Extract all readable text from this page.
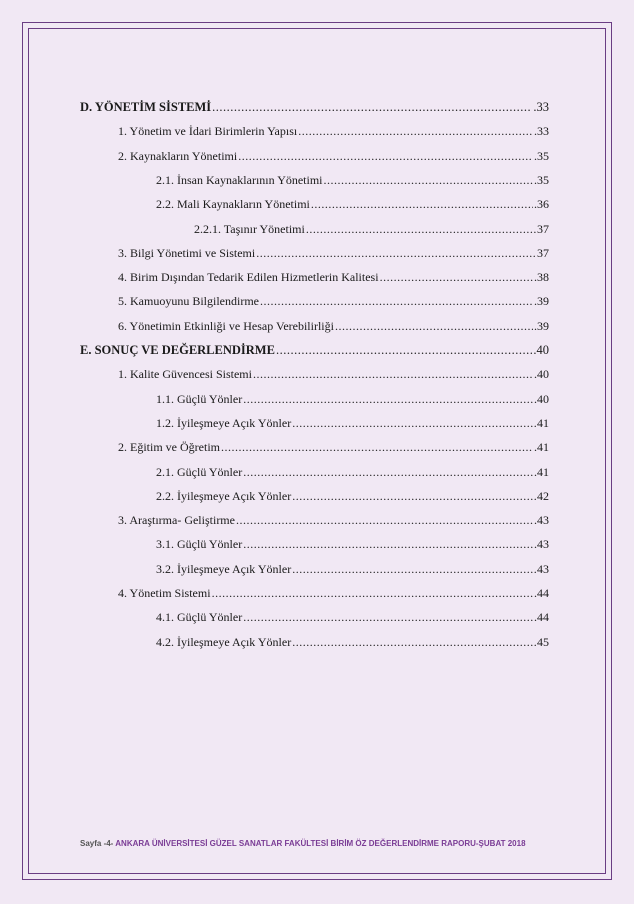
D. YÖNETİM SİSTEMİ .....	.33
1. Yönetim ve İdari Birimlerin Yapısı .....	.33
2. Kaynakların Yönetimi .....	.35
2.1. İnsan Kaynaklarının Yönetimi .....	.35
2.2. Mali Kaynakların Yönetimi .....	.36
2.2.1. Taşınır Yönetimi .....	37
3. Bilgi Yönetimi ve Sistemi .....	37
4. Birim Dışından Tedarik Edilen Hizmetlerin Kalitesi .....	.38
5. Kamuoyunu Bilgilendirme .....	.39
6. Yönetimin Etkinliği ve Hesap Verebilirliği .....	.39
E. SONUÇ VE DEĞERLENDİRME .....	.40
1. Kalite Güvencesi Sistemi .....	.40
1.1. Güçlü Yönler .....	.40
1.2. İyileşmeye Açık Yönler .....	41
2. Eğitim ve Öğretim .....	.41
2.1. Güçlü Yönler .....	.41
2.2. İyileşmeye Açık Yönler .....	42
3. Araştırma- Geliştirme .....	.43
3.1. Güçlü Yönler .....	.43
3.2. İyileşmeye Açık Yönler .....	43
4. Yönetim Sistemi .....	.44
4.1. Güçlü Yönler .....	.44
4.2. İyileşmeye Açık Yönler .....	45
Sayfa -4- ANKARA ÜNİVERSİTESİ GÜZEL SANATLAR FAKÜLTESİ BİRİM ÖZ DEĞERLENDİRME RAPORU-ŞUBAT 2018
